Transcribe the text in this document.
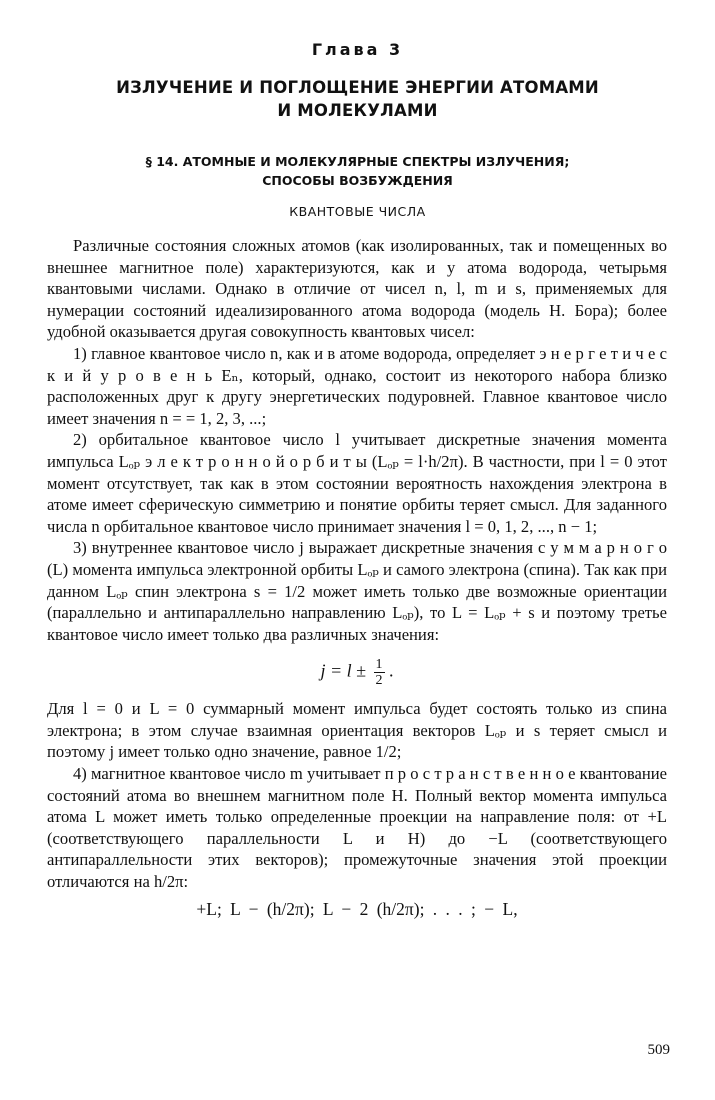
Глава 3
ИЗЛУЧЕНИЕ И ПОГЛОЩЕНИЕ ЭНЕРГИИ АТОМАМИ
И МОЛЕКУЛАМИ
§ 14. АТОМНЫЕ И МОЛЕКУЛЯРНЫЕ СПЕКТРЫ ИЗЛУЧЕНИЯ;
СПОСОБЫ ВОЗБУЖДЕНИЯ
КВАНТОВЫЕ ЧИСЛА

Различные состояния сложных атомов (как изолированных, так и помещенных во внешнее магнитное поле) характеризуются, как и у атома водорода, четырьмя квантовыми числами. Однако в отличие от чисел n, l, m и s, применяемых для нумерации состояний идеализированного атома водорода (модель Н. Бора); более удобной оказывается другая совокупность квантовых чисел:

1) главное квантовое число n, как и в атоме водорода, определяет э н е р г е т и ч е с к и й у р о в е н ь Eₙ, который, однако, состоит из некоторого набора близко расположенных друг к другу энергетических подуровней. Главное квантовое число имеет значения n = = 1, 2, 3, ...;

2) орбитальное квантовое число l учитывает дискретные значения момента импульса Lₒₚ э л е к т р о н н о й о р б и т ы (Lₒₚ = l·h/2π). В частности, при l = 0 этот момент отсутствует, так как в этом состоянии вероятность нахождения электрона в атоме имеет сферическую симметрию и понятие орбиты теряет смысл. Для заданного числа n орбитальное квантовое число принимает значения l = 0, 1, 2, ..., n − 1;

3) внутреннее квантовое число j выражает дискретные значения с у м м а р н о г о (L) момента импульса электронной орбиты Lₒₚ и самого электрона (спина). Так как при данном Lₒₚ спин электрона s = 1/2 может иметь только две возможные ориентации (параллельно и антипараллельно направлению Lₒₚ), то L = Lₒₚ + s и поэтому третье квантовое число имеет только два различных значения:

$j = l \pm \frac{1}{2}$ .

Для l = 0 и L = 0 суммарный момент импульса будет состоять только из спина электрона; в этом случае взаимная ориентация векторов Lₒₚ и s теряет смысл и поэтому j имеет только одно значение, равное 1/2;

4) магнитное квантовое число m учитывает п р о с т р а н с т в е н н о е квантование состояний атома во внешнем магнитном поле H. Полный вектор момента импульса атома L может иметь только определенные проекции на направление поля: от +L (соответствующего параллельности L и H) до −L (соответствующего антипараллельности этих векторов); промежуточные значения этой проекции отличаются на h/2π:

+L; L − (h/2π); L − 2 (h/2π); . . . ; − L,
509
